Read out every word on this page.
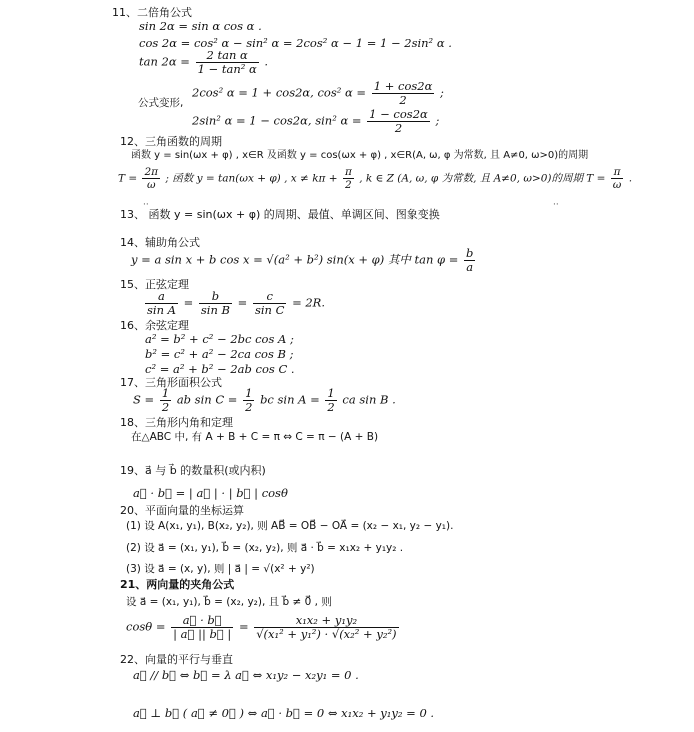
11、二倍角公式
sin 2α = sin α cos α .
cos 2α = cos² α − sin² α = 2cos² α − 1 = 1 − 2sin² α .
$\tan 2\alpha = \frac{\text{2 tan α}}{\text{1 − tan² α}}$ .
公式变形,
2cos² α = 1 + cos2α, cos² $\alpha = \frac{1 + \cos 2\alpha}{2}$ ;
2sin² α = 1 − cos2α, sin² $\alpha = \frac{1 - \cos 2\alpha}{2}$ ;
12、三角函数的周期
函数 y = sin(ωx + φ) , x∈R 及函数 y = cos(ωx + φ) , x∈R(A, ω, φ 为常数, 且 A≠0, ω>0)的周期
$T = \frac{2\pi}{\omega}$ ; 函数 y = tan(ωx + φ) , $x \ne k\pi + \frac{\pi}{2}$ , k ∈ Z (A, ω, φ 为常数, 且 A≠0, ω>0)的周期 $T = \frac{\pi}{\omega}$ .
··	··
13、 函数 y = sin(ωx + φ) 的周期、最值、单调区间、图象变换
14、辅助角公式
y = a sin x + b cos x = √(a² + b²) sin(x + φ) 其中 $\tan \varphi = \frac{b}{a}$
15、正弦定理
$\frac{a}{\text{sin A}} = \frac{b}{\text{sin B}} = \frac{c}{\text{sin C}} = 2R$.
16、余弦定理
a² = b² + c² − 2bc cos A ;
b² = c² + a² − 2ca cos B ;
c² = a² + b² − 2ab cos C .
17、三角形面积公式
$S = \frac{1}{2}$ ab $\sin C = \frac{1}{2}$ bc $\sin A = \frac{1}{2}$ ca sin B .
18、三角形内角和定理
在△ABC 中, 有 A + B + C = π ⇔ C = π − (A + B)
19、a⃗ 与 b⃗ 的数量积(或内积)
a⃗ · b⃗ = | a⃗ | · | b⃗ | cosθ
20、平面向量的坐标运算
(1) 设 A(x₁, y₁), B(x₂, y₂), 则 AB⃗ = OB⃗ − OA⃗ = (x₂ − x₁, y₂ − y₁).
(2) 设 a⃗ = (x₁, y₁), b⃗ = (x₂, y₂), 则 a⃗ · b⃗ = x₁x₂ + y₁y₂ .
(3) 设 a⃗ = (x, y), 则 | a⃗ | = √(x² + y²)
21、两向量的夹角公式
设 a⃗ = (x₁, y₁), b⃗ = (x₂, y₂), 且 b⃗ ≠ 0⃗ , 则
$\cos\theta = \frac{a⃗ \cdot b⃗}{| a⃗ || b⃗ |} = \frac{\text{x₁x₂ + y₁y₂}}{\text{√(x₁² + y₁²) · √(x₂² + y₂²)}}$
22、向量的平行与垂直
a⃗ // b⃗ ⇔ b⃗ = λ a⃗ ⇔ x₁y₂ − x₂y₁ = 0 .
a⃗ ⊥ b⃗ ( a⃗ ≠ 0⃗ ) ⇔ a⃗ · b⃗ = 0 ⇔ x₁x₂ + y₁y₂ = 0 .
